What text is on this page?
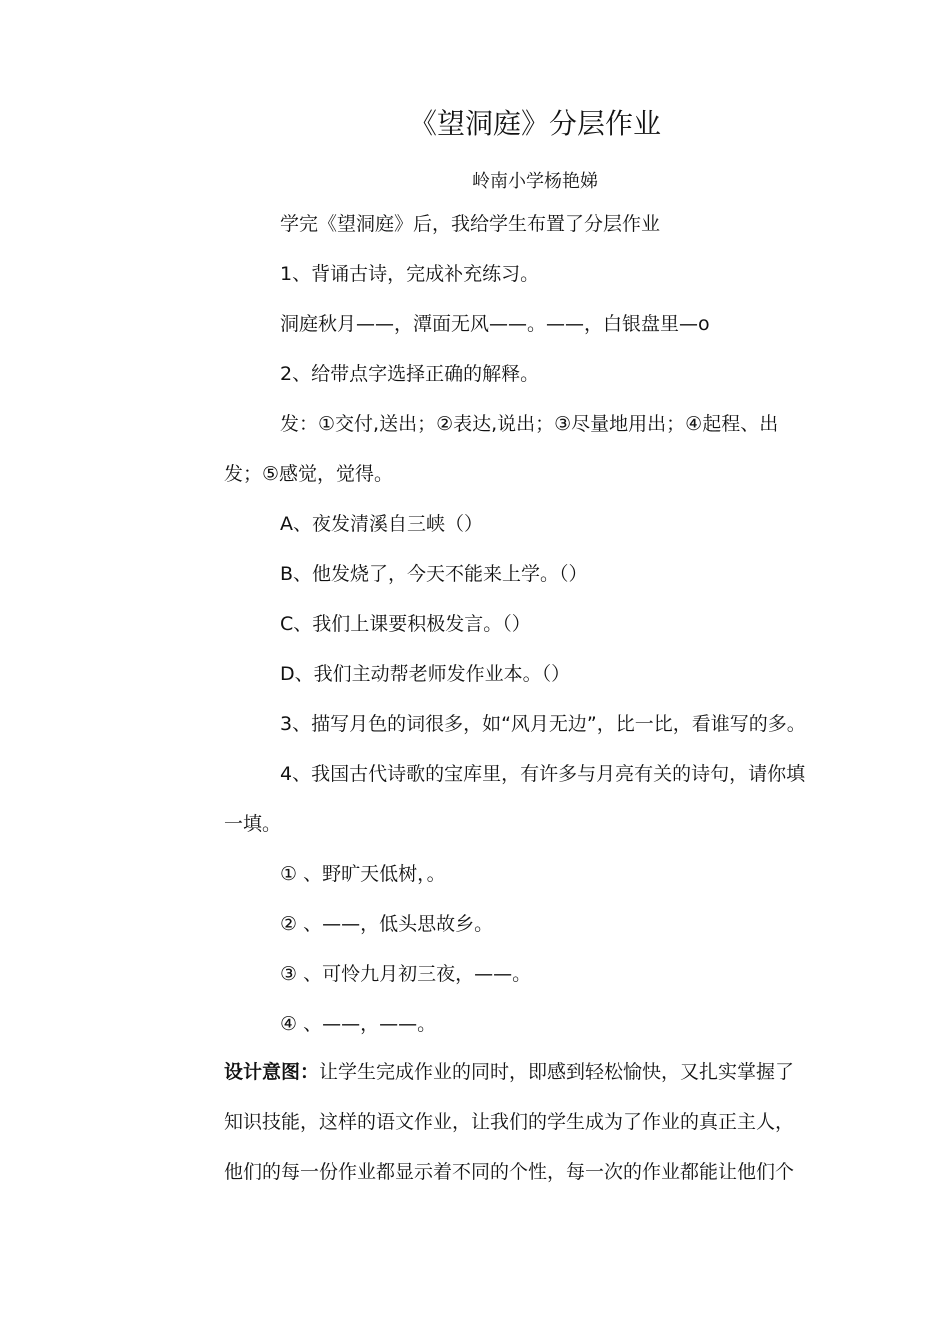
《望洞庭》分层作业
岭南小学杨艳娣
学完《望洞庭》后，我给学生布置了分层作业
1、背诵古诗，完成补充练习。
洞庭秋月——，潭面无风——。——，白银盘里—o
2、给带点字选择正确的解释。
发：①交付,送出；②表达,说出；③尽量地用出；④起程、出
发；⑤感觉，觉得。
A、夜发清溪自三峡（）
B、他发烧了，今天不能来上学。（）
C、我们上课要积极发言。（）
D、我们主动帮老师发作业本。（）
3、描写月色的词很多，如“风月无边”，比一比，看谁写的多。
4、我国古代诗歌的宝库里，有许多与月亮有关的诗句，请你填
一填。
① 、野旷天低树，。
② 、——，低头思故乡。
③ 、可怜九月初三夜，——。
④ 、——，——。
设计意图：让学生完成作业的同时，即感到轻松愉快，又扎实掌握了
知识技能，这样的语文作业，让我们的学生成为了作业的真正主人，
他们的每一份作业都显示着不同的个性，每一次的作业都能让他们个
